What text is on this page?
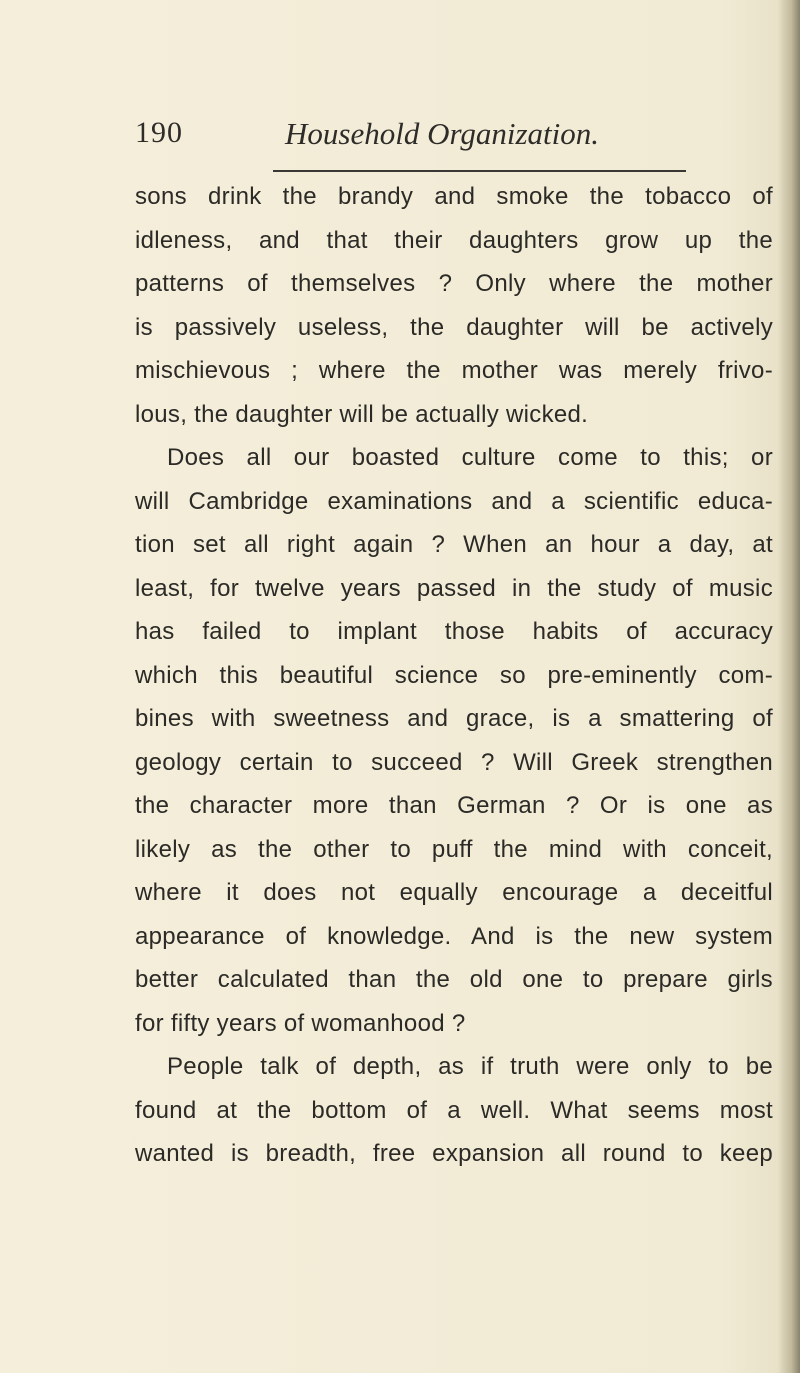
190	Household Organization.
sons drink the brandy and smoke the tobacco of
idleness, and that their daughters grow up the
patterns of themselves ? Only where the mother
is passively useless, the daughter will be actively
mischievous ; where the mother was merely frivo-
lous, the daughter will be actually wicked.
Does all our boasted culture come to this; or
will Cambridge examinations and a scientific educa-
tion set all right again ? When an hour a day, at
least, for twelve years passed in the study of music
has failed to implant those habits of accuracy
which this beautiful science so pre-eminently com-
bines with sweetness and grace, is a smattering of
geology certain to succeed ? Will Greek strengthen
the character more than German ? Or is one as
likely as the other to puff the mind with conceit,
where it does not equally encourage a deceitful
appearance of knowledge. And is the new system
better calculated than the old one to prepare girls
for fifty years of womanhood ?
People talk of depth, as if truth were only to be
found at the bottom of a well. What seems most
wanted is breadth, free expansion all round to keep
